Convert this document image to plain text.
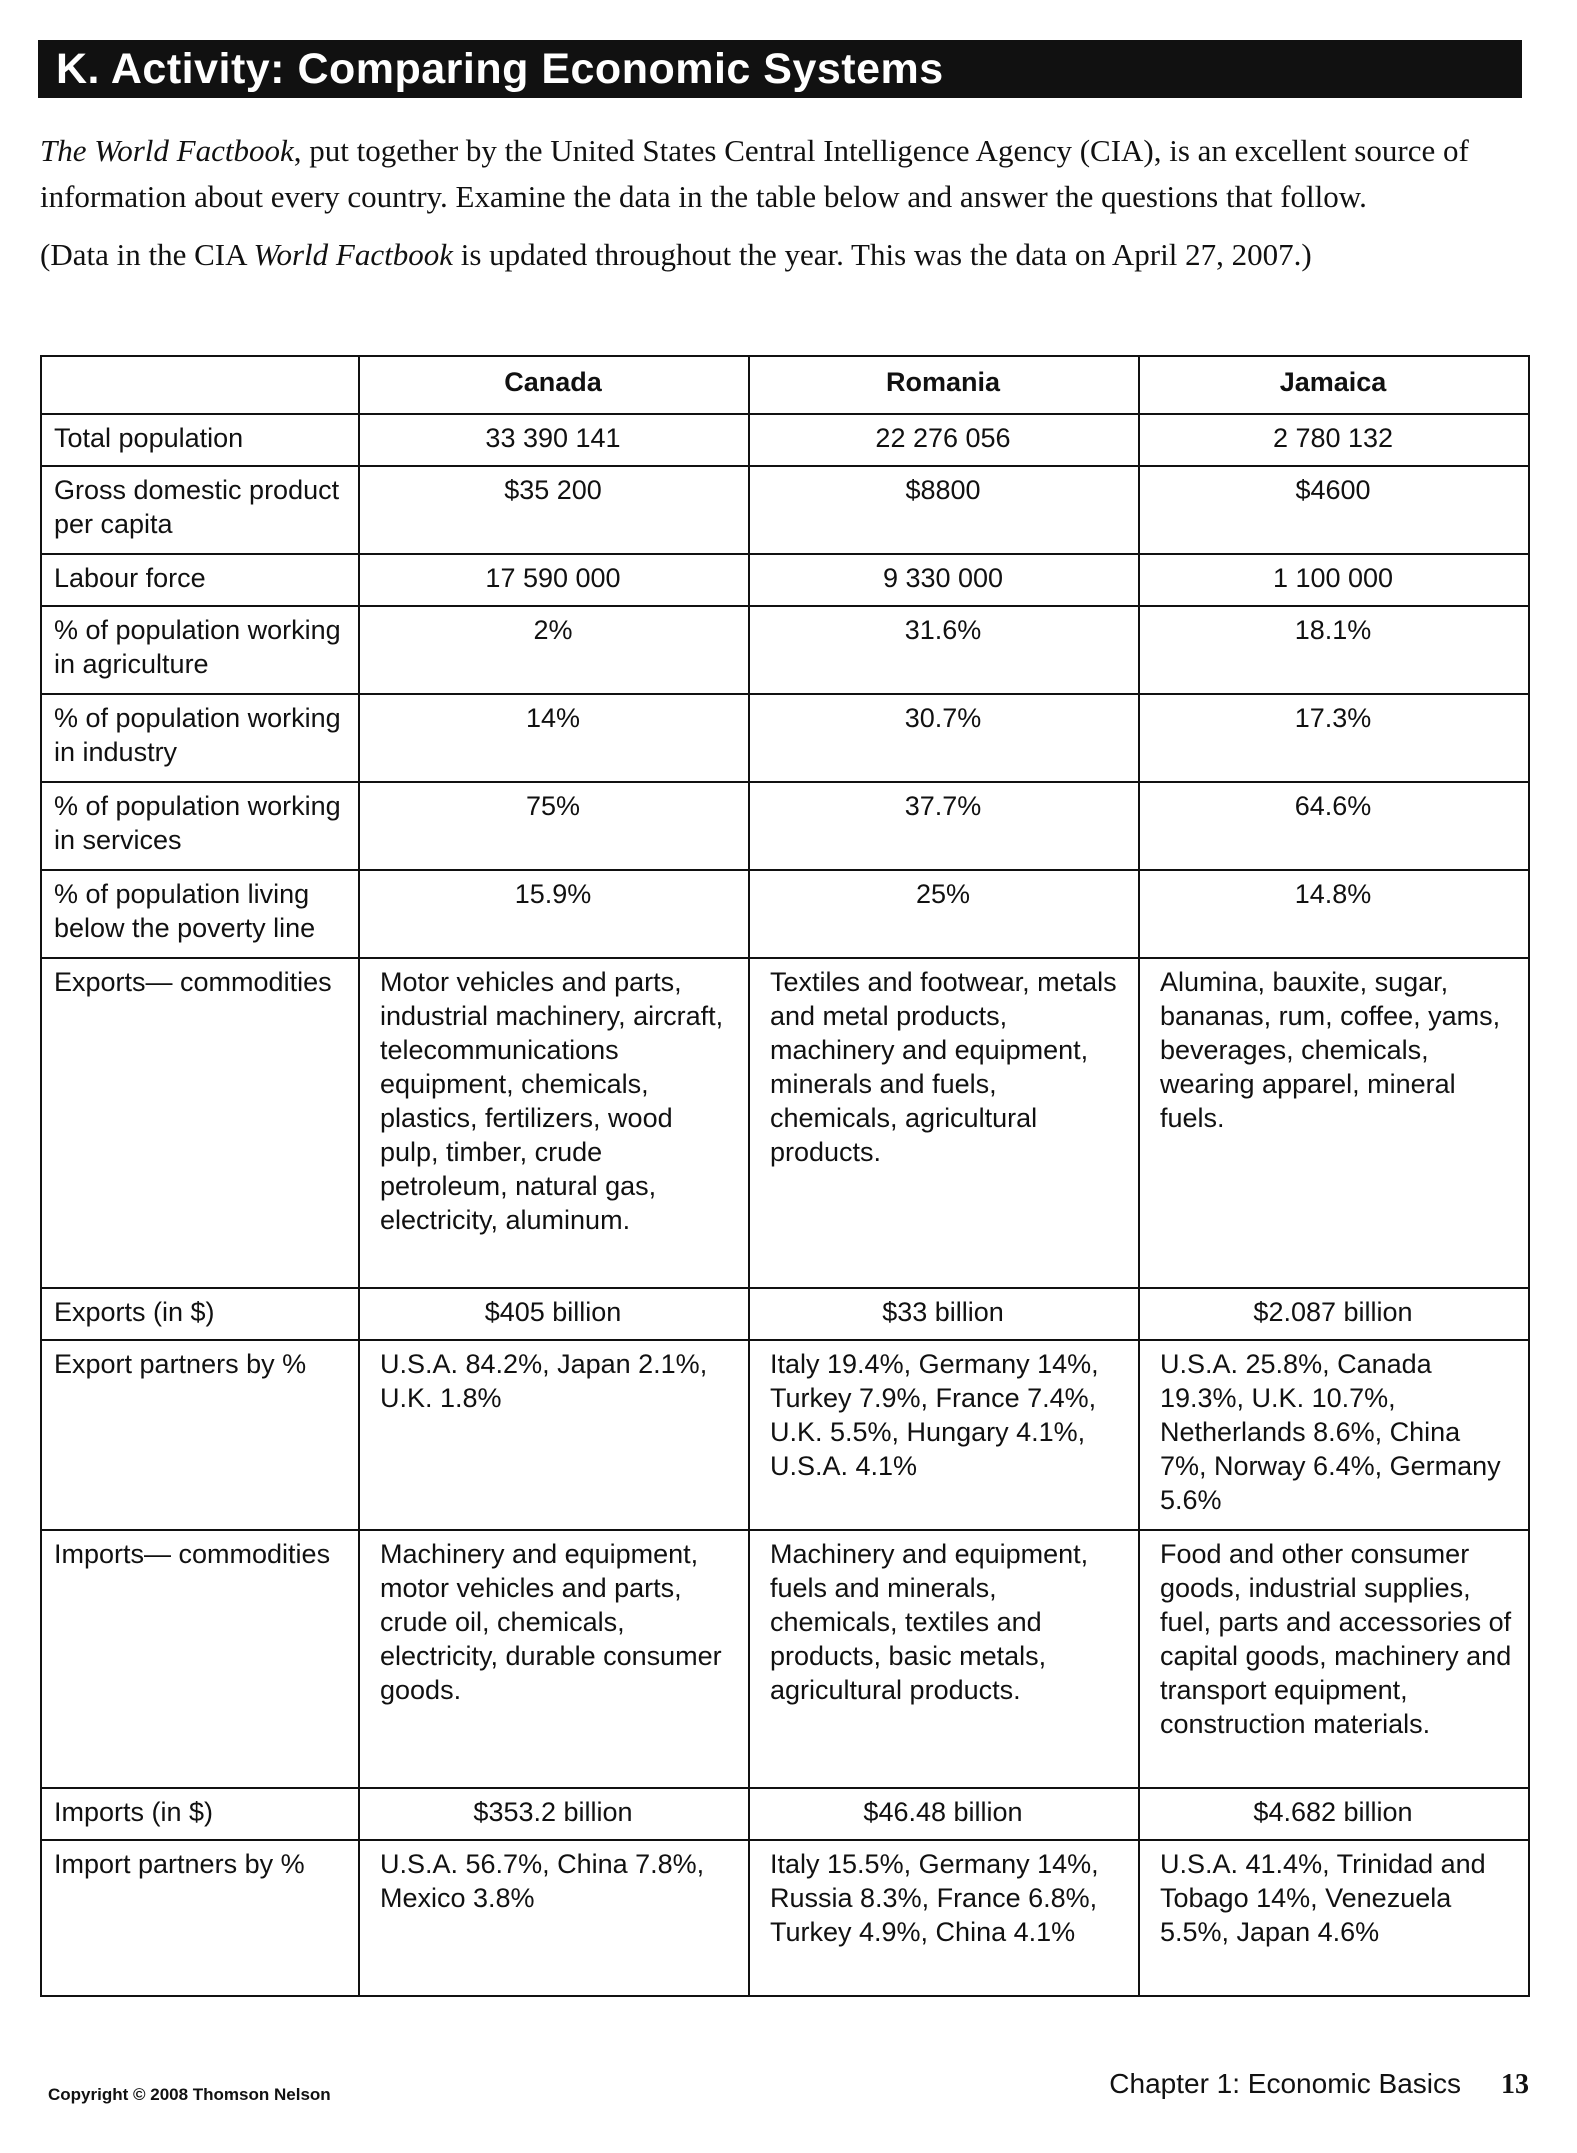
K. Activity: Comparing Economic Systems

The World Factbook, put together by the United States Central Intelligence Agency (CIA), is an excellent source of information about every country. Examine the data in the table below and answer the questions that follow.

(Data in the CIA World Factbook is updated throughout the year. This was the data on April 27, 2007.)

	Canada	Romania	Jamaica
Total population	33 390 141	22 276 056	2 780 132
Gross domestic product per capita	$35 200	$8800	$4600
Labour force	17 590 000	9 330 000	1 100 000
% of population working in agriculture	2%	31.6%	18.1%
% of population working in industry	14%	30.7%	17.3%
% of population working in services	75%	37.7%	64.6%
% of population living below the poverty line	15.9%	25%	14.8%
Exports— commodities	Motor vehicles and parts, industrial machinery, aircraft, telecommunications equipment, chemicals, plastics, fertilizers, wood pulp, timber, crude petroleum, natural gas, electricity, aluminum.	Textiles and footwear, metals and metal products, machinery and equipment, minerals and fuels, chemicals, agricultural products.	Alumina, bauxite, sugar, bananas, rum, coffee, yams, beverages, chemicals, wearing apparel, mineral fuels.
Exports (in $)	$405 billion	$33 billion	$2.087 billion
Export partners by %	U.S.A. 84.2%, Japan 2.1%, U.K. 1.8%	Italy 19.4%, Germany 14%, Turkey 7.9%, France 7.4%, U.K. 5.5%, Hungary 4.1%, U.S.A. 4.1%	U.S.A. 25.8%, Canada 19.3%, U.K. 10.7%, Netherlands 8.6%, China 7%, Norway 6.4%, Germany 5.6%
Imports— commodities	Machinery and equipment, motor vehicles and parts, crude oil, chemicals, electricity, durable consumer goods.	Machinery and equipment, fuels and minerals, chemicals, textiles and products, basic metals, agricultural products.	Food and other consumer goods, industrial supplies, fuel, parts and accessories of capital goods, machinery and transport equipment, construction materials.
Imports (in $)	$353.2 billion	$46.48 billion	$4.682 billion
Import partners by %	U.S.A. 56.7%, China 7.8%, Mexico 3.8%	Italy 15.5%, Germany 14%, Russia 8.3%, France 6.8%, Turkey 4.9%, China 4.1%	U.S.A. 41.4%, Trinidad and Tobago 14%, Venezuela 5.5%, Japan 4.6%
Copyright © 2008 Thomson Nelson	Chapter 1: Economic Basics 13
